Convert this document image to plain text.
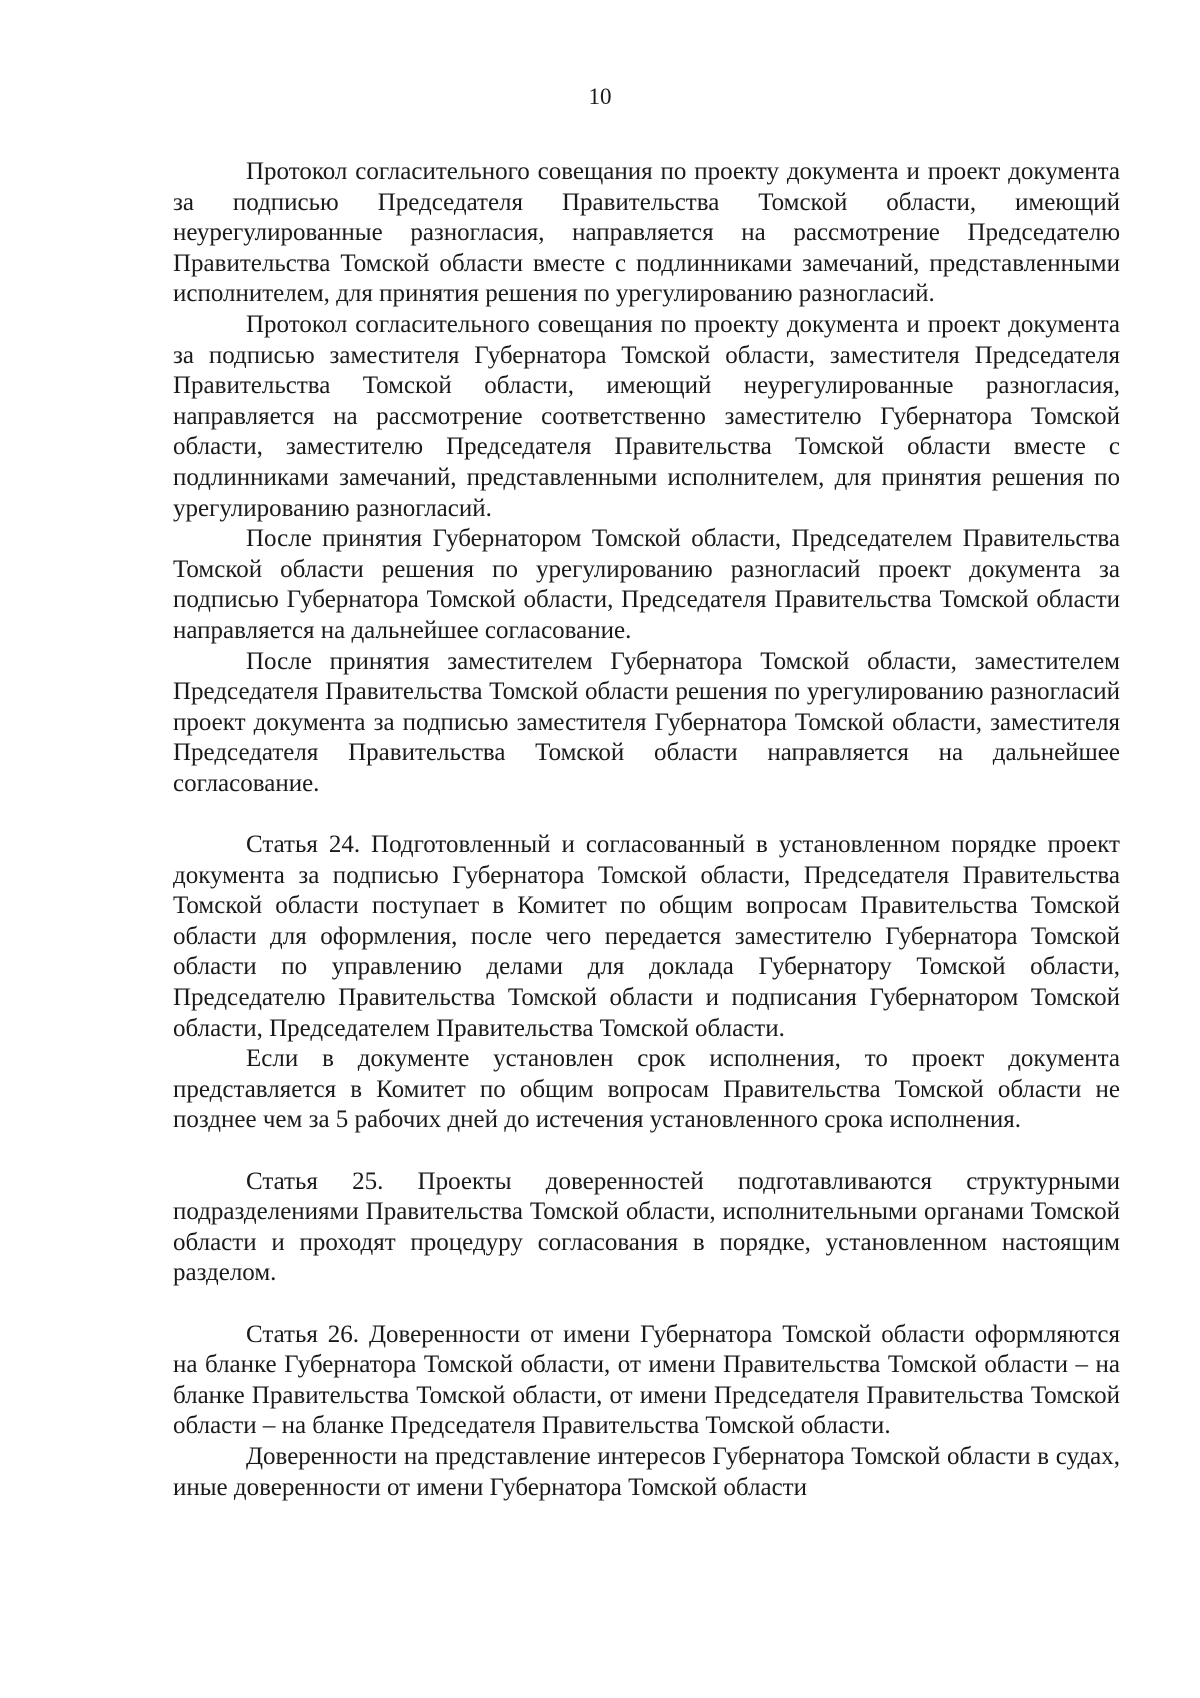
10

Протокол согласительного совещания по проекту документа и проект документа за подписью Председателя Правительства Томской области, имеющий неурегулированные разногласия, направляется на рассмотрение Председателю Правительства Томской области вместе с подлинниками замечаний, представленными исполнителем, для принятия решения по урегулированию разногласий.

Протокол согласительного совещания по проекту документа и проект документа за подписью заместителя Губернатора Томской области, заместителя Председателя Правительства Томской области, имеющий неурегулированные разногласия, направляется на рассмотрение соответственно заместителю Губернатора Томской области, заместителю Председателя Правительства Томской области вместе с подлинниками замечаний, представленными исполнителем, для принятия решения по урегулированию разногласий.

После принятия Губернатором Томской области, Председателем Правительства Томской области решения по урегулированию разногласий проект документа за подписью Губернатора Томской области, Председателя Правительства Томской области направляется на дальнейшее согласование.

После принятия заместителем Губернатора Томской области, заместителем Председателя Правительства Томской области решения по урегулированию разногласий проект документа за подписью заместителя Губернатора Томской области, заместителя Председателя Правительства Томской области направляется на дальнейшее согласование.

Статья 24. Подготовленный и согласованный в установленном порядке проект документа за подписью Губернатора Томской области, Председателя Правительства Томской области поступает в Комитет по общим вопросам Правительства Томской области для оформления, после чего передается заместителю Губернатора Томской области по управлению делами для доклада Губернатору Томской области, Председателю Правительства Томской области и подписания Губернатором Томской области, Председателем Правительства Томской области.

Если в документе установлен срок исполнения, то проект документа представляется в Комитет по общим вопросам Правительства Томской области не позднее чем за 5 рабочих дней до истечения установленного срока исполнения.

Статья 25. Проекты доверенностей подготавливаются структурными подразделениями Правительства Томской области, исполнительными органами Томской области и проходят процедуру согласования в порядке, установленном настоящим разделом.

Статья 26. Доверенности от имени Губернатора Томской области оформляются на бланке Губернатора Томской области, от имени Правительства Томской области – на бланке Правительства Томской области, от имени Председателя Правительства Томской области – на бланке Председателя Правительства Томской области.

Доверенности на представление интересов Губернатора Томской области в судах, иные доверенности от имени Губернатора Томской области
